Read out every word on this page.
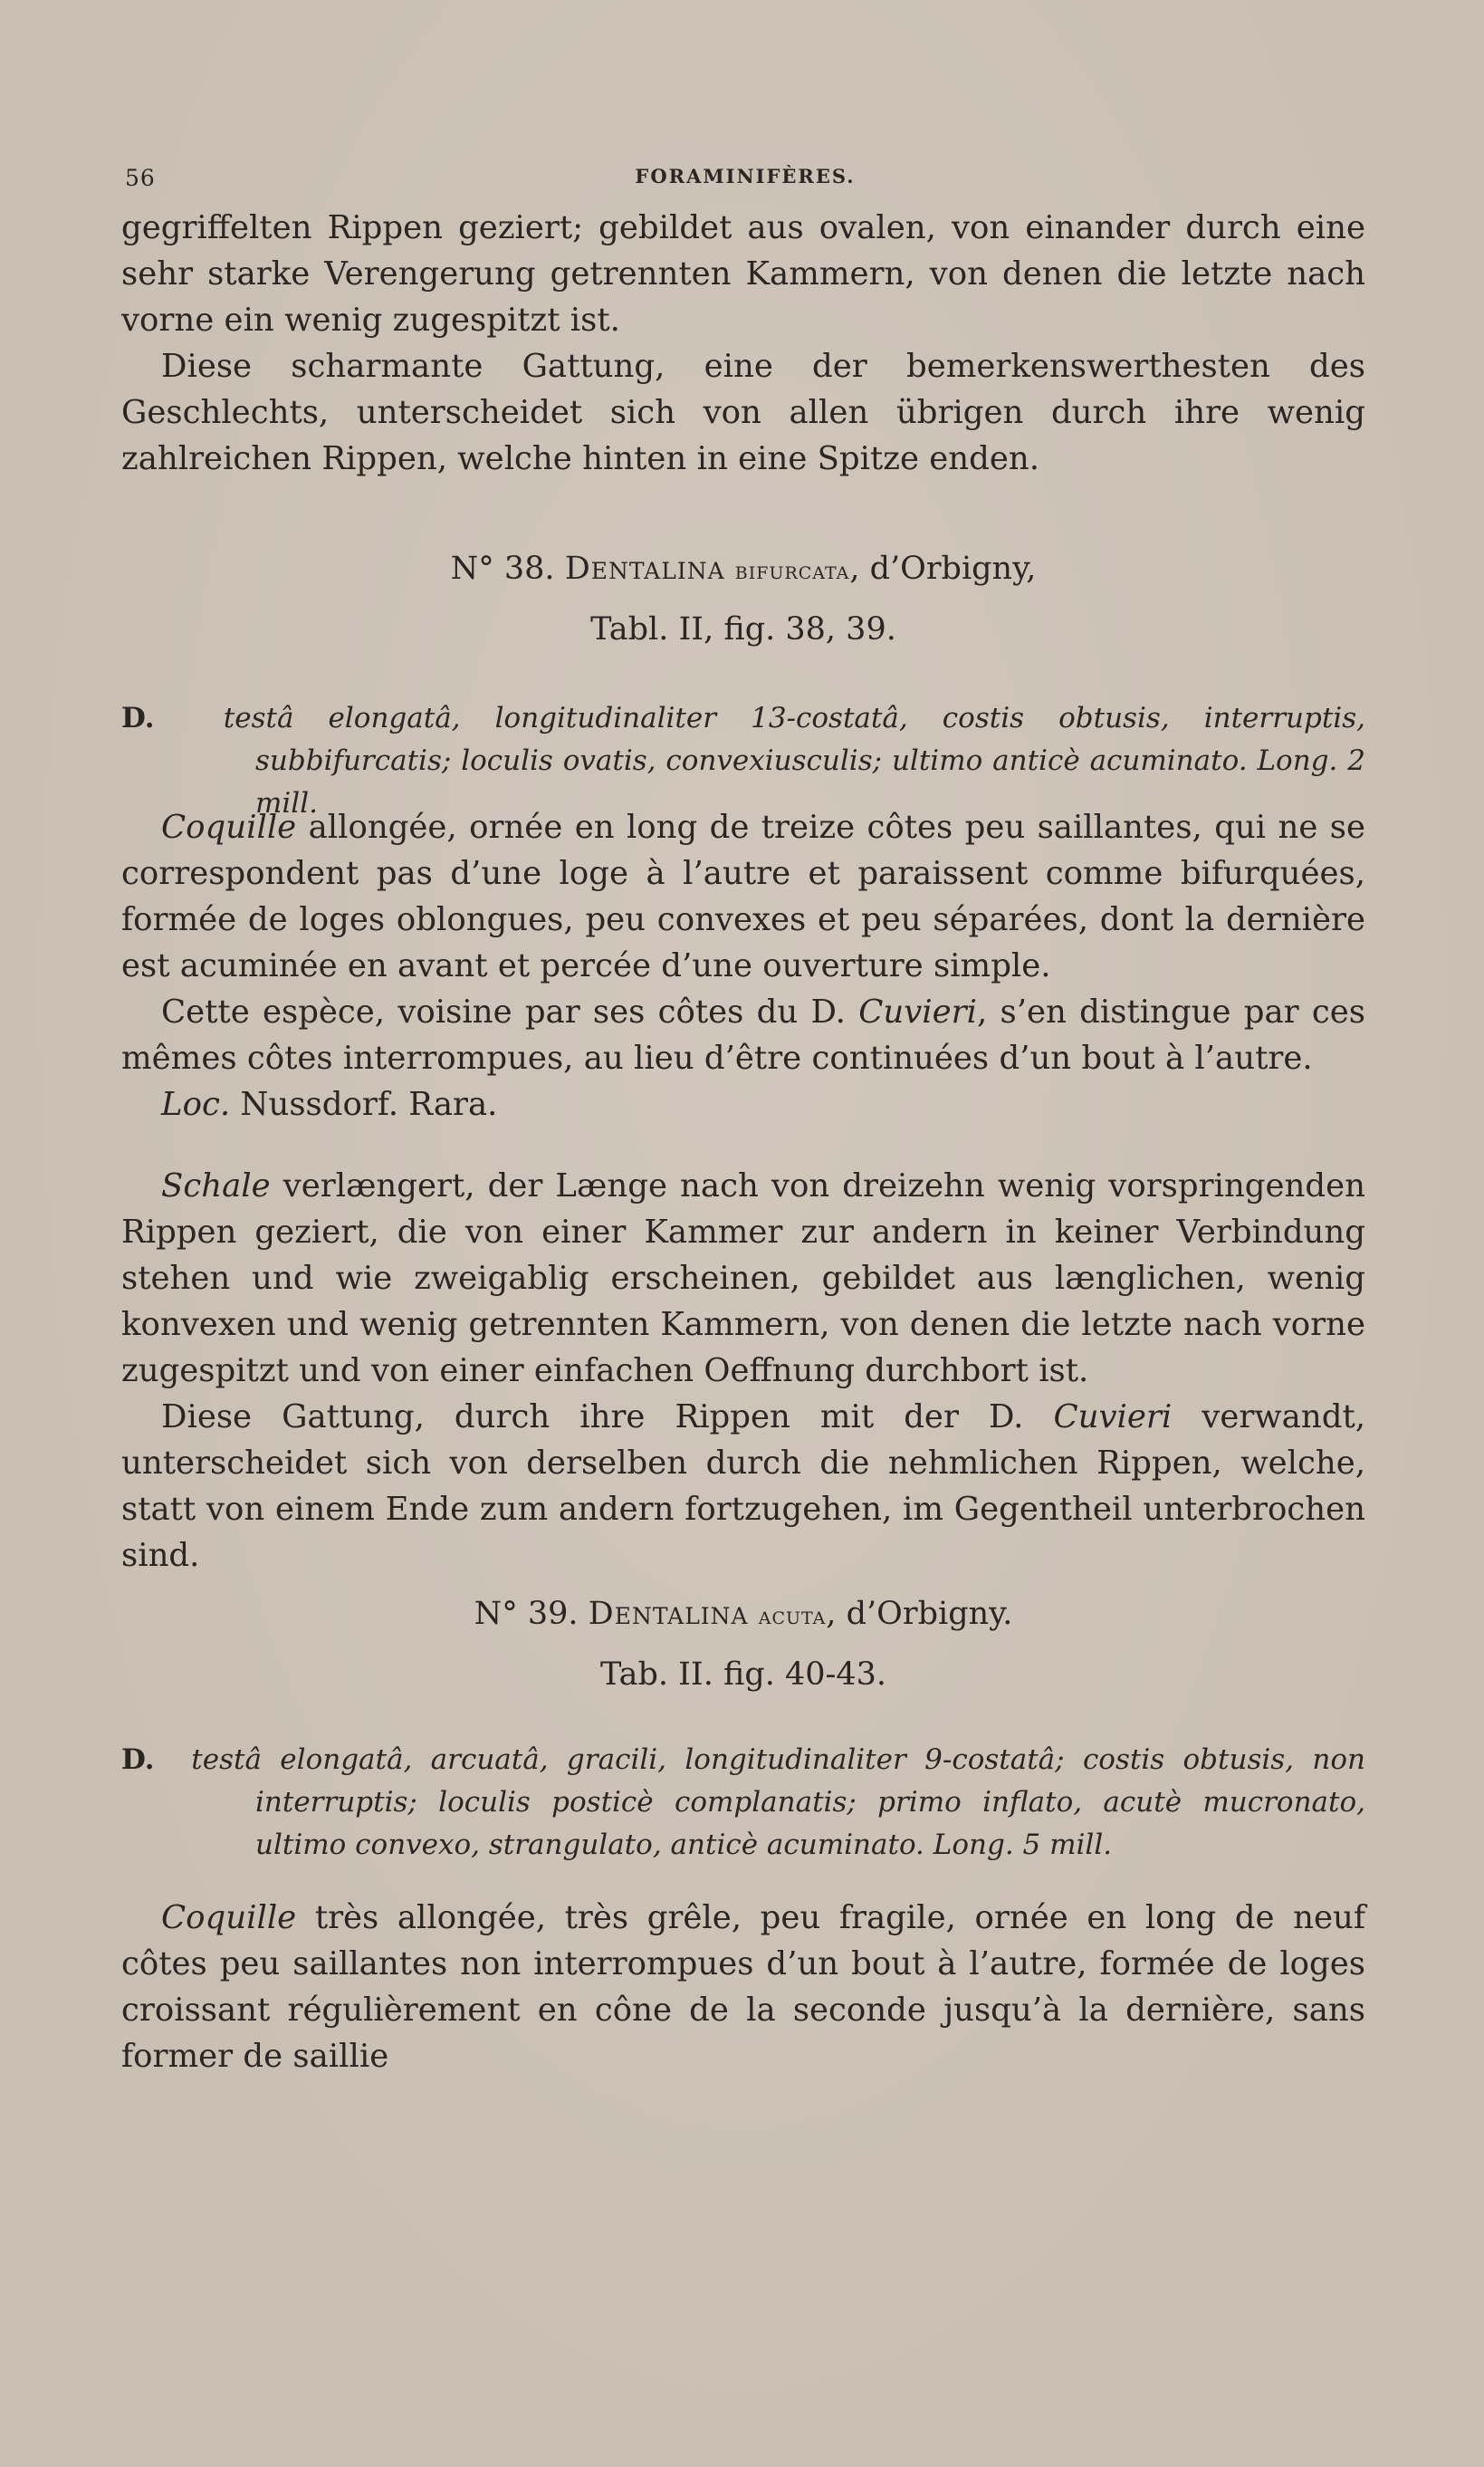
56	FORAMINIFÈRES.

gegriffelten Rippen geziert; gebildet aus ovalen, von einander durch eine sehr starke Verengerung getrennten Kammern, von denen die letzte nach vorne ein wenig zugespitzt ist.

Diese scharmante Gattung, eine der bemerkenswerthesten des Geschlechts, unterscheidet sich von allen übrigen durch ihre wenig zahlreichen Rippen, welche hinten in eine Spitze enden.

N° 38. Dentalina bifurcata, d’Orbigny,
Tabl. II, fig. 38, 39.

D. testâ elongatâ, longitudinaliter 13-costatâ, costis obtusis, interruptis, subbifurcatis; loculis ovatis, convexiusculis; ultimo anticè acuminato. Long. 2 mill.

Coquille allongée, ornée en long de treize côtes peu saillantes, qui ne se correspondent pas d’une loge à l’autre et paraissent comme bifurquées, formée de loges oblongues, peu convexes et peu séparées, dont la dernière est acuminée en avant et percée d’une ouverture simple.

Cette espèce, voisine par ses côtes du D. Cuvieri, s’en distingue par ces mêmes côtes interrompues, au lieu d’être continuées d’un bout à l’autre.

Loc. Nussdorf. Rara.

Schale verlængert, der Længe nach von dreizehn wenig vorspringenden Rippen geziert, die von einer Kammer zur andern in keiner Verbindung stehen und wie zweigablig erscheinen, gebildet aus længlichen, wenig konvexen und wenig getrennten Kammern, von denen die letzte nach vorne zugespitzt und von einer einfachen Oeffnung durchbort ist.

Diese Gattung, durch ihre Rippen mit der D. Cuvieri verwandt, unterscheidet sich von derselben durch die nehmlichen Rippen, welche, statt von einem Ende zum andern fortzugehen, im Gegentheil unterbrochen sind.

N° 39. Dentalina acuta, d’Orbigny.
Tab. II. fig. 40-43.

D. testâ elongatâ, arcuatâ, gracili, longitudinaliter 9-costatâ; costis obtusis, non interruptis; loculis posticè complanatis; primo inflato, acutè mucronato, ultimo convexo, strangulato, anticè acuminato. Long. 5 mill.

Coquille très allongée, très grêle, peu fragile, ornée en long de neuf côtes peu saillantes non interrompues d’un bout à l’autre, formée de loges croissant régulièrement en cône de la seconde jusqu’à la dernière, sans former de saillie
